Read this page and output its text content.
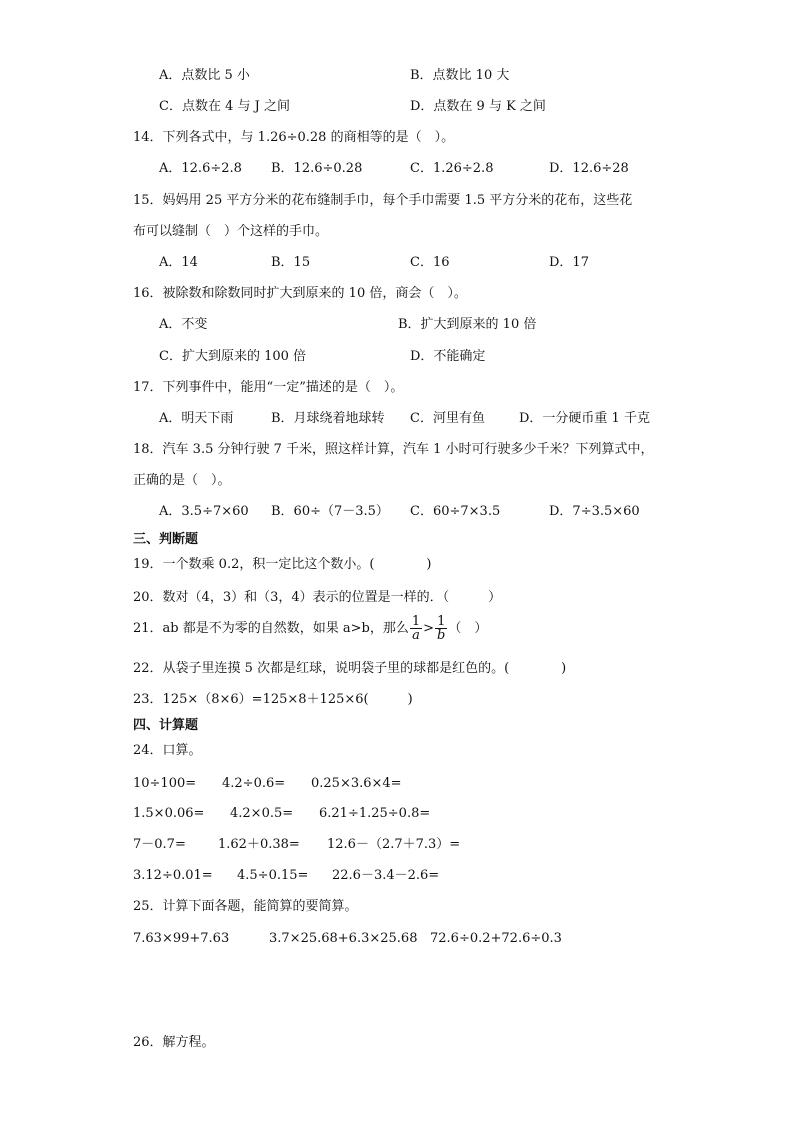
A．点数比 5 小	B．点数比 10 大
C．点数在 4 与 J 之间	D．点数在 9 与 K 之间
14．下列各式中，与 1.26÷0.28 的商相等的是（　）。
A．12.6÷2.8 B．12.6÷0.28	C．1.26÷2.8	D．12.6÷28
15．妈妈用 25 平方分米的花布缝制手巾，每个手巾需要 1.5 平方分米的花布，这些花
布可以缝制（　）个这样的手巾。
A．14	B．15	C．16	D．17
16．被除数和除数同时扩大到原来的 10 倍，商会（　）。
A．不变	B．扩大到原来的 10 倍
C．扩大到原来的 100 倍	D．不能确定
17．下列事件中，能用“一定”描述的是（　）。
A．明天下雨	B．月球绕着地球转 C．河里有鱼	D．一分硬币重 1 千克
18．汽车 3.5 分钟行驶 7 千米，照这样计算，汽车 1 小时可行驶多少千米？下列算式中，
正确的是（　）。
A．3.5÷7×60 B．60÷（7－3.5） C．60÷7×3.5	D．7÷3.5×60
三、判断题
19．一个数乘 0.2，积一定比这个数小。(　　　　)
20．数对（4，3）和（3，4）表示的位置是一样的．（　　　）
21．ab 都是不为零的自然数，如果 a>b，那么 $\frac{1}{a} > \frac{1}{b}$ （　）
22．从袋子里连摸 5 次都是红球，说明袋子里的球都是红色的。(　　　　)
23．125×（8×6）=125×8＋125×6(　　　)
四、计算题
24．口算。
10÷100= 4.2÷0.6= 0.25×3.6×4=
1.5×0.06= 4.2×0.5= 6.21÷1.25÷0.8=
7－0.7= 1.62＋0.38= 12.6－（2.7＋7.3）=
3.12÷0.01= 4.5÷0.15= 22.6－3.4－2.6=
25．计算下面各题，能简算的要简算。
7.63×99+7.63	3.7×25.68+6.3×25.68 72.6÷0.2+72.6÷0.3
26．解方程。
